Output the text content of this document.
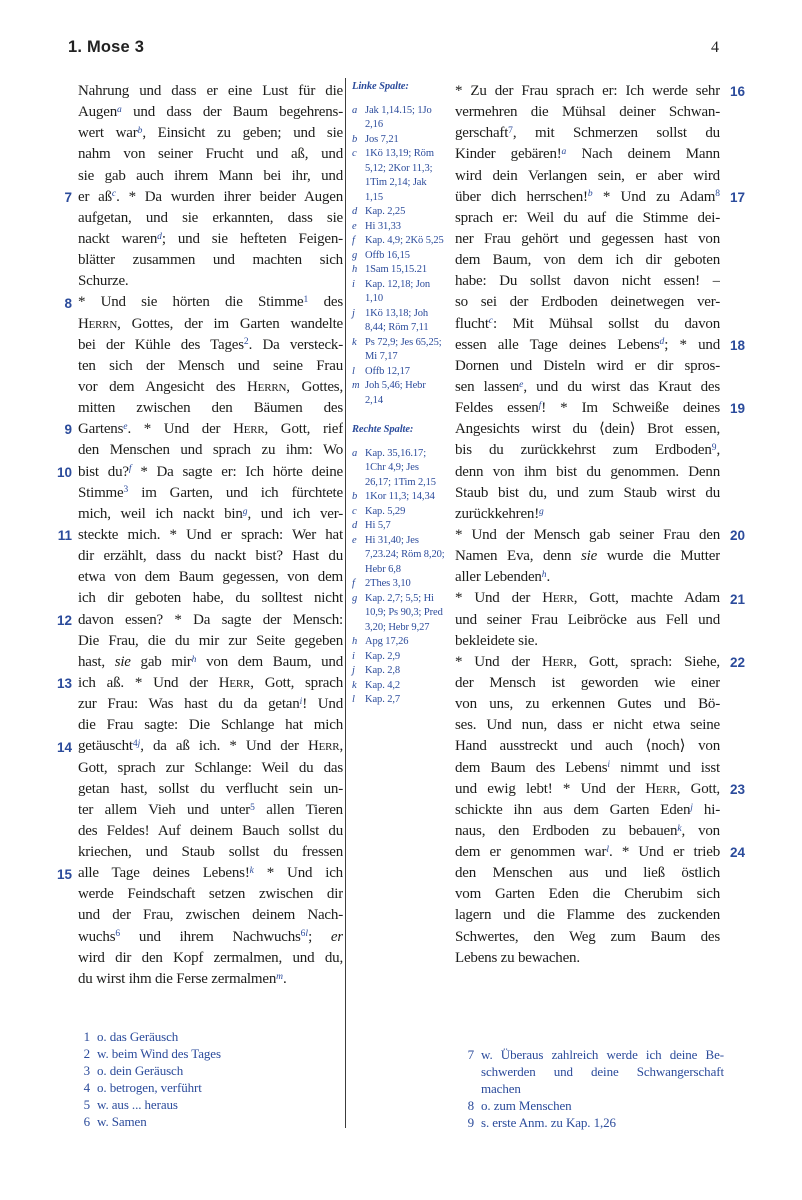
1. Mose 3	4
Nahrung und dass er eine Lust für die
Augen$^a$ und dass der Baum begehrens-
wert war$^b$, Einsicht zu geben; und sie
nahm von seiner Frucht und aß, und
sie gab auch ihrem Mann bei ihr, und
er $aß^c$. * Da wurden ihrer beider Augen
7
aufgetan, und sie erkannten, dass sie
nackt waren$^d$; und sie hefteten Feigen-
blätter zusammen und machten sich
Schurze.
* Und sie hörten die Stimme$^1$ des
8
Herrn, Gottes, der im Garten wandelte
bei der Kühle des Tages$^2$. Da versteck-
ten sich der Mensch und seine Frau
vor dem Angesicht des Herrn, Gottes,
mitten zwischen den Bäumen des
Gartens$^e$. * Und der Herr, Gott, rief
9
den Menschen und sprach zu ihm: Wo
bist du?$^f$ * Da sagte er: Ich hörte deine
10
Stimme$^3$ im Garten, und ich fürchtete
mich, weil ich nackt bin$^g$, und ich ver-
steckte mich. * Und er sprach: Wer hat
11
dir erzählt, dass du nackt bist? Hast du
etwa von dem Baum gegessen, von dem
ich dir geboten habe, du solltest nicht
davon essen? * Da sagte der Mensch:
12
Die Frau, die du mir zur Seite gegeben
hast, sie gab mir$^h$ von dem Baum, und
ich aß. * Und der Herr, Gott, sprach
13
zur Frau: Was hast du da getan$^i$! Und
die Frau sagte: Die Schlange hat mich
getäuscht$^{4j}$, da aß ich. * Und der Herr,
14
Gott, sprach zur Schlange: Weil du das
getan hast, sollst du verflucht sein un-
ter allem Vieh und unter$^5$ allen Tieren
des Feldes! Auf deinem Bauch sollst du
kriechen, und Staub sollst du fressen
alle Tage deines Lebens!$^k$ * Und ich
15
werde Feindschaft setzen zwischen dir
und der Frau, zwischen deinem Nach-
wuchs$^6$ und ihrem Nachwuchs$^{6l}$; er
wird dir den Kopf zermalmen, und du,
du wirst ihm die Ferse zermalmen$^m$.
Linke Spalte:
a Jak 1,14.15; 1Jo 2,16
b Jos 7,21
c 1Kö 13,19; Röm 5,12; 2Kor 11,3; 1Tim 2,14; Jak 1,15
d Kap. 2,25
e Hi 31,33
f Kap. 4,9; 2Kö 5,25
g Offb 16,15
h 1Sam 15,15.21
i Kap. 12,18; Jon 1,10
j 1Kö 13,18; Joh 8,44; Röm 7,11
k Ps 72,9; Jes 65,25; Mi 7,17
l Offb 12,17
m Joh 5,46; Hebr 2,14
Rechte Spalte:
a Kap. 35,16.17; 1Chr 4,9; Jes 26,17; 1Tim 2,15
b 1Kor 11,3; 14,34
c Kap. 5,29
d Hi 5,7
e Hi 31,40; Jes 7,23.24; Röm 8,20; Hebr 6,8
f 2Thes 3,10
g Kap. 2,7; 5,5; Hi 10,9; Ps 90,3; Pred 3,20; Hebr 9,27
h Apg 17,26
i Kap. 2,9
j Kap. 2,8
k Kap. 4,2
l Kap. 2,7
* Zu der Frau sprach er: Ich werde sehr 16
vermehren die Mühsal deiner Schwan-
gerschaft$^7$, mit Schmerzen sollst du
Kinder gebären!$^a$ Nach deinem Mann
wird dein Verlangen sein, er aber wird
über dich herrschen!$^b$ * Und zu Adam$^8$ 17
sprach er: Weil du auf die Stimme dei-
ner Frau gehört und gegessen hast von
dem Baum, von dem ich dir geboten
habe: Du sollst davon nicht essen! –
so sei der Erdboden deinetwegen ver-
flucht$^c$: Mit Mühsal sollst du davon
essen alle Tage deines Lebens$^d$; * und 18
Dornen und Disteln wird er dir spros-
sen lassen$^e$, und du wirst das Kraut des
Feldes essen$^f$! * Im Schweiße deines 19
Angesichts wirst du ⟨dein⟩ Brot essen,
bis du zurückkehrst zum Erdboden$^9$,
denn von ihm bist du genommen. Denn
Staub bist du, und zum Staub wirst du
zurückkehren!$^g$
* Und der Mensch gab seiner Frau den 20
Namen Eva, denn sie wurde die Mutter
aller Lebenden$^h$.
* Und der Herr, Gott, machte Adam 21
und seiner Frau Leibröcke aus Fell und
bekleidete sie.
* Und der Herr, Gott, sprach: Siehe, 22
der Mensch ist geworden wie einer
von uns, zu erkennen Gutes und Bö-
ses. Und nun, dass er nicht etwa seine
Hand ausstreckt und auch ⟨noch⟩ von
dem Baum des Lebens$^i$ nimmt und isst
und ewig lebt! * Und der Herr, Gott, 23
schickte ihn aus dem Garten Eden$^j$ hi-
naus, den Erdboden zu bebauen$^k$, von
dem er genommen war$^l$. * Und er trieb 24
den Menschen aus und ließ östlich
vom Garten Eden die Cherubim sich
lagern und die Flamme des zuckenden
Schwertes, den Weg zum Baum des
Lebens zu bewachen.
1 o. das Geräusch
2 w. beim Wind des Tages
3 o. dein Geräusch
4 o. betrogen, verführt
5 w. aus ... heraus
6 w. Samen
7 w. Überaus zahlreich werde ich deine Be-
schwerden und deine Schwangerschaft
machen
8 o. zum Menschen
9 s. erste Anm. zu Kap. 1,26
